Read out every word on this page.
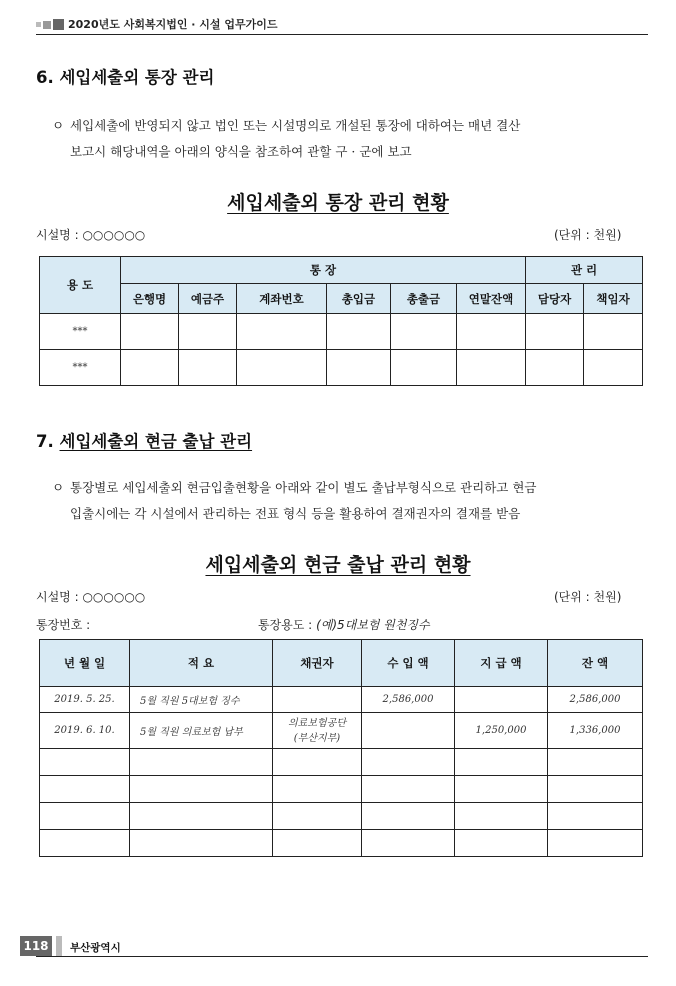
2020년도 사회복지법인 · 시설 업무가이드
6. 세입세출외 통장 관리
ㅇ 세입세출에 반영되지 않고 법인 또는 시설명의로 개설된 통장에 대하여는 매년 결산
보고시 해당내역을 아래의 양식을 참조하여 관할 구 · 군에 보고
세입세출외 통장 관리 현황
시설명 : ○○○○○○	(단위 : 천원)
용 도	통 장						관 리	
	은행명	예금주	계좌번호	총입금	총출금	연말잔액	담당자	책임자
***								
***								
7. 세입세출외 현금 출납 관리
ㅇ 통장별로 세입세출외 현금입출현황을 아래와 같이 별도 출납부형식으로 관리하고 현금
입출시에는 각 시설에서 관리하는 전표 형식 등을 활용하여 결재권자의 결재를 받음
세입세출외 현금 출납 관리 현황
시설명 : ○○○○○○	(단위 : 천원)
통장번호 :	통장용도 : (예)5대보험 원천징수
년 월 일	적 요	채권자	수 입 액	지 급 액	잔 액
2019. 5. 25.	5월 직원 5대보험 징수		2,586,000		2,586,000
2019. 6. 10.	5월 직원 의료보험 납부	의료보험공단
(부산지부)		1,250,000	1,336,000

118	부산광역시
